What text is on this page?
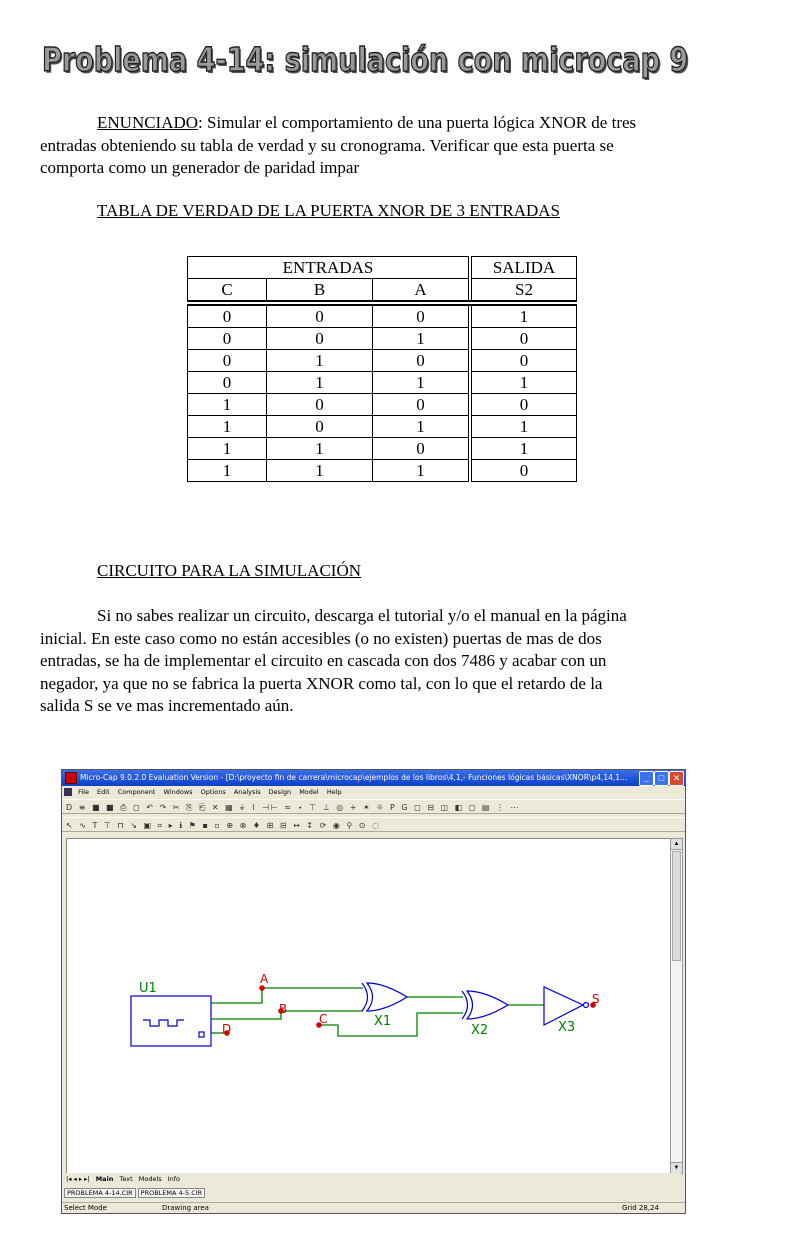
Problema 4-14: simulación con microcap 9
ENUNCIADO: Simular el comportamiento de una puerta lógica XNOR de tres
entradas obteniendo su tabla de verdad y su cronograma. Verificar que esta puerta se
comporta como un generador de paridad impar
TABLA DE VERDAD DE LA PUERTA XNOR DE 3 ENTRADAS
ENTRADAS			SALIDA
C	B	A	S2
0	0	0	1
0	0	1	0
0	1	0	0
0	1	1	1
1	0	0	0
1	0	1	1
1	1	0	1
1	1	1	0
CIRCUITO PARA LA SIMULACIÓN
Si no sabes realizar un circuito, descarga el tutorial y/o el manual en la página
inicial. En este caso como no están accesibles (o no existen) puertas de mas de dos
entradas, se ha de implementar el circuito en cascada con dos 7486 y acabar con un
negador, ya que no se fabrica la puerta XNOR como tal, con lo que el retardo de la
salida S se ve mas incrementado aún.
Micro-Cap 9.0.2.0 Evaluation Version - [D:\proyecto fin de carrera\microcap\ejemplos de los libros\4,1,- Funciones lógicas básicas\XNOR\p4,14,1...	_	□ ✕
File Edit Component Windows Options Analysis Design Model Help
D ≡ ■ ■ ⎙ ◻ ↶ ↷ ✂ ⎘ ⎗ ✕ ▦ ⏚ ⌇ ⊣⊢ ≈ ⋆ ⊤ ⊥ ◎ + ✶ ☼ P G ◻ ⊟ ◫ ◧ ◻ ▤ ⋮ ⋯
↖ ∿ T ⊤ ⊓ ↘ ▣ ⌗ ▸ ℹ ⚑ ▪ ▫ ⊕ ⊗ ♦ ⊞ ⊟ ↔ ↕ ⟳ ◉ ⚲ ⊙ ◌
U1
A
B
C
D
S
X1
X2	X3
▲
▼
|◂ ◂ ▸ ▸| Main Text Models Info
PROBLEMA 4-14.CIR PROBLEMA 4-5.CIR
Select Mode	Drawing area	Grid 28,24
